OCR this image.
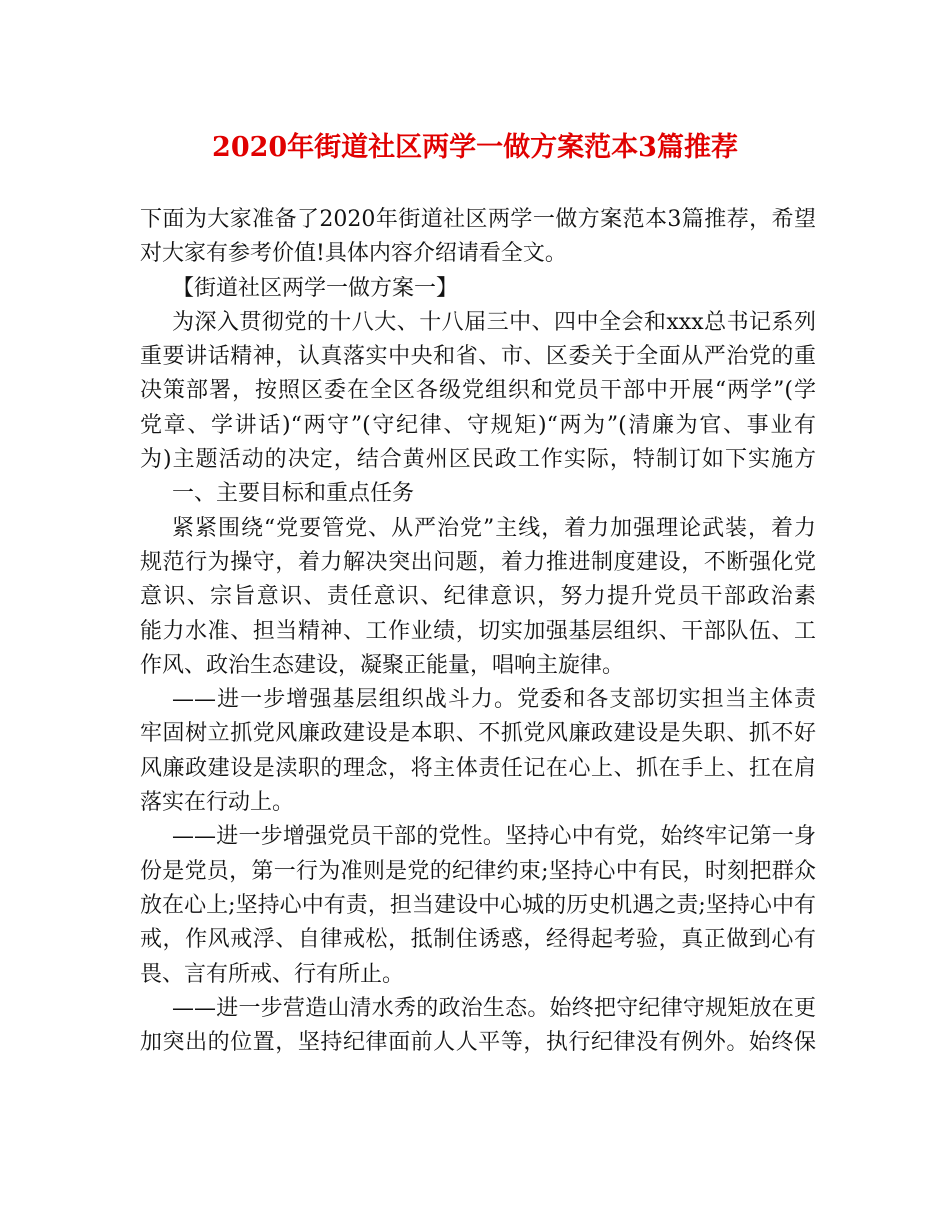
2020年街道社区两学一做方案范本3篇推荐
下面为大家准备了2020年街道社区两学一做方案范本3篇推荐，希望
对大家有参考价值!具体内容介绍请看全文。
【街道社区两学一做方案一】
为深入贯彻党的十八大、十八届三中、四中全会和xxx总书记系列
重要讲话精神，认真落实中央和省、市、区委关于全面从严治党的重
决策部署，按照区委在全区各级党组织和党员干部中开展“两学”(学
党章、学讲话)“两守”(守纪律、守规矩)“两为”(清廉为官、事业有
为)主题活动的决定，结合黄州区民政工作实际，特制订如下实施方
一、主要目标和重点任务
紧紧围绕“党要管党、从严治党”主线，着力加强理论武装，着力
规范行为操守，着力解决突出问题，着力推进制度建设，不断强化党
意识、宗旨意识、责任意识、纪律意识，努力提升党员干部政治素
能力水准、担当精神、工作业绩，切实加强基层组织、干部队伍、工
作风、政治生态建设，凝聚正能量，唱响主旋律。
——进一步增强基层组织战斗力。党委和各支部切实担当主体责
牢固树立抓党风廉政建设是本职、不抓党风廉政建设是失职、抓不好
风廉政建设是渎职的理念，将主体责任记在心上、抓在手上、扛在肩
落实在行动上。
——进一步增强党员干部的党性。坚持心中有党，始终牢记第一身
份是党员，第一行为准则是党的纪律约束;坚持心中有民，时刻把群众
放在心上;坚持心中有责，担当建设中心城的历史机遇之责;坚持心中有
戒，作风戒浮、自律戒松，抵制住诱惑，经得起考验，真正做到心有
畏、言有所戒、行有所止。
——进一步营造山清水秀的政治生态。始终把守纪律守规矩放在更
加突出的位置，坚持纪律面前人人平等，执行纪律没有例外。始终保
